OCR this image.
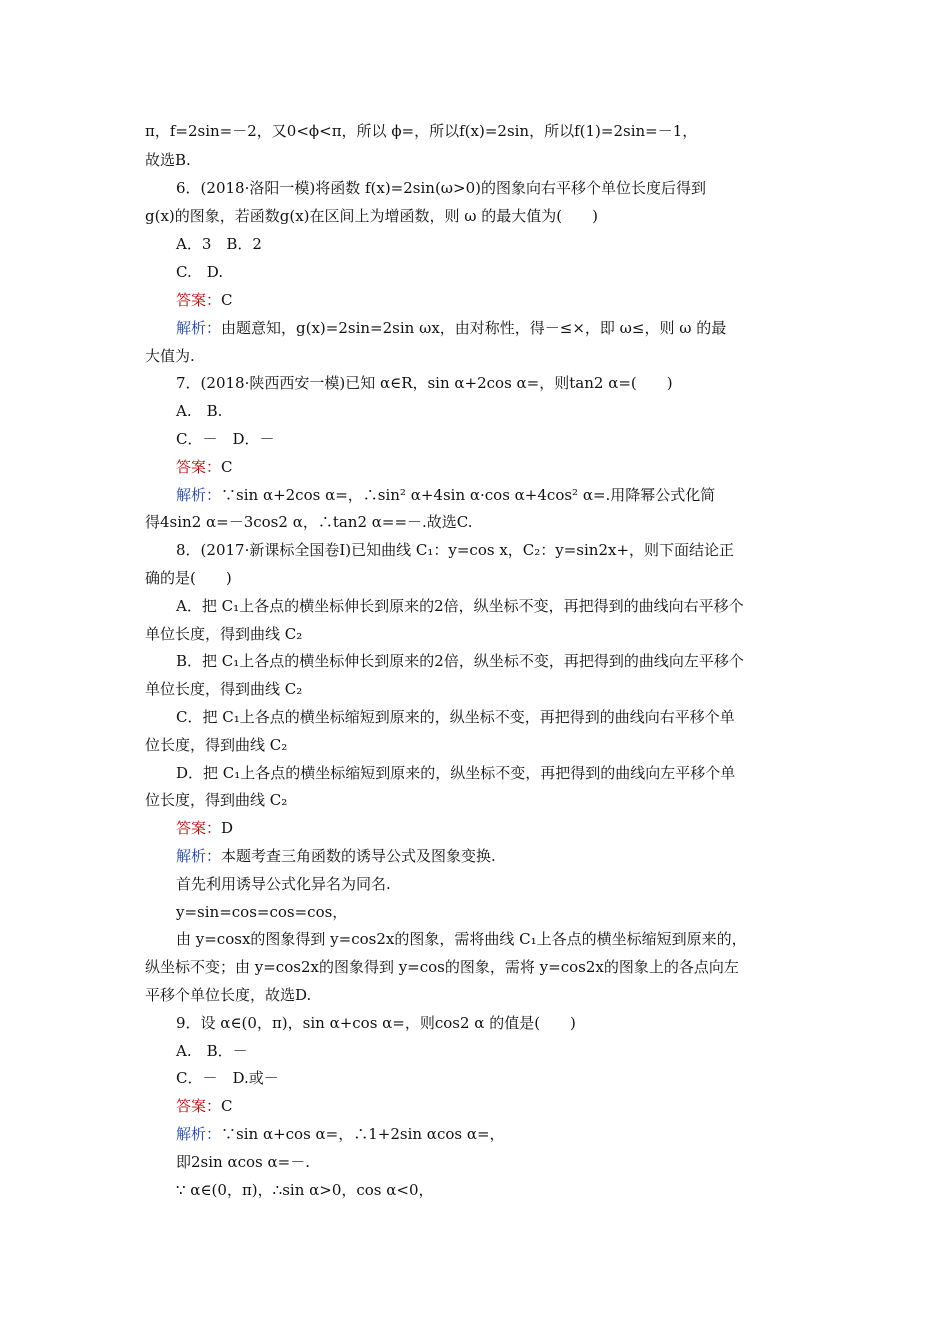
π，f=2sin=－2，又0<ϕ<π，所以 ϕ=，所以f(x)=2sin，所以f(1)=2sin=－1，
故选B.
6．(2018·洛阳一模)将函数 f(x)=2sin(ω>0)的图象向右平移个单位长度后得到
g(x)的图象，若函数g(x)在区间上为增函数，则 ω 的最大值为(　　)
A．3　B．2
C.　D.
答案：C
解析：由题意知，g(x)=2sin=2sin ωx，由对称性，得－≤×，即 ω≤，则 ω 的最
大值为.
7．(2018·陕西西安一模)已知 α∈R，sin α+2cos α=，则tan2 α=(　　)
A.　B.
C．－　D．－
答案：C
解析：∵sin α+2cos α=，∴sin² α+4sin α·cos α+4cos² α=.用降幂公式化简
得4sin2 α=－3cos2 α，∴tan2 α==－.故选C.
8．(2017·新课标全国卷Ⅰ)已知曲线 C₁：y=cos x，C₂：y=sin2x+，则下面结论正
确的是(　　)
A．把 C₁上各点的横坐标伸长到原来的2倍，纵坐标不变，再把得到的曲线向右平移个
单位长度，得到曲线 C₂
B．把 C₁上各点的横坐标伸长到原来的2倍，纵坐标不变，再把得到的曲线向左平移个
单位长度，得到曲线 C₂
C．把 C₁上各点的横坐标缩短到原来的，纵坐标不变，再把得到的曲线向右平移个单
位长度，得到曲线 C₂
D．把 C₁上各点的横坐标缩短到原来的，纵坐标不变，再把得到的曲线向左平移个单
位长度，得到曲线 C₂
答案：D
解析：本题考查三角函数的诱导公式及图象变换.
首先利用诱导公式化异名为同名.
y=sin=cos=cos=cos，
由 y=cosx的图象得到 y=cos2x的图象，需将曲线 C₁上各点的横坐标缩短到原来的，
纵坐标不变；由 y=cos2x的图象得到 y=cos的图象，需将 y=cos2x的图象上的各点向左
平移个单位长度，故选D.
9．设 α∈(0，π)，sin α+cos α=，则cos2 α 的值是(　　)
A.　B．－
C．－　D.或－
答案：C
解析：∵sin α+cos α=，∴1+2sin αcos α=，
即2sin αcos α=－.
∵ α∈(0，π)，∴sin α>0，cos α<0，
